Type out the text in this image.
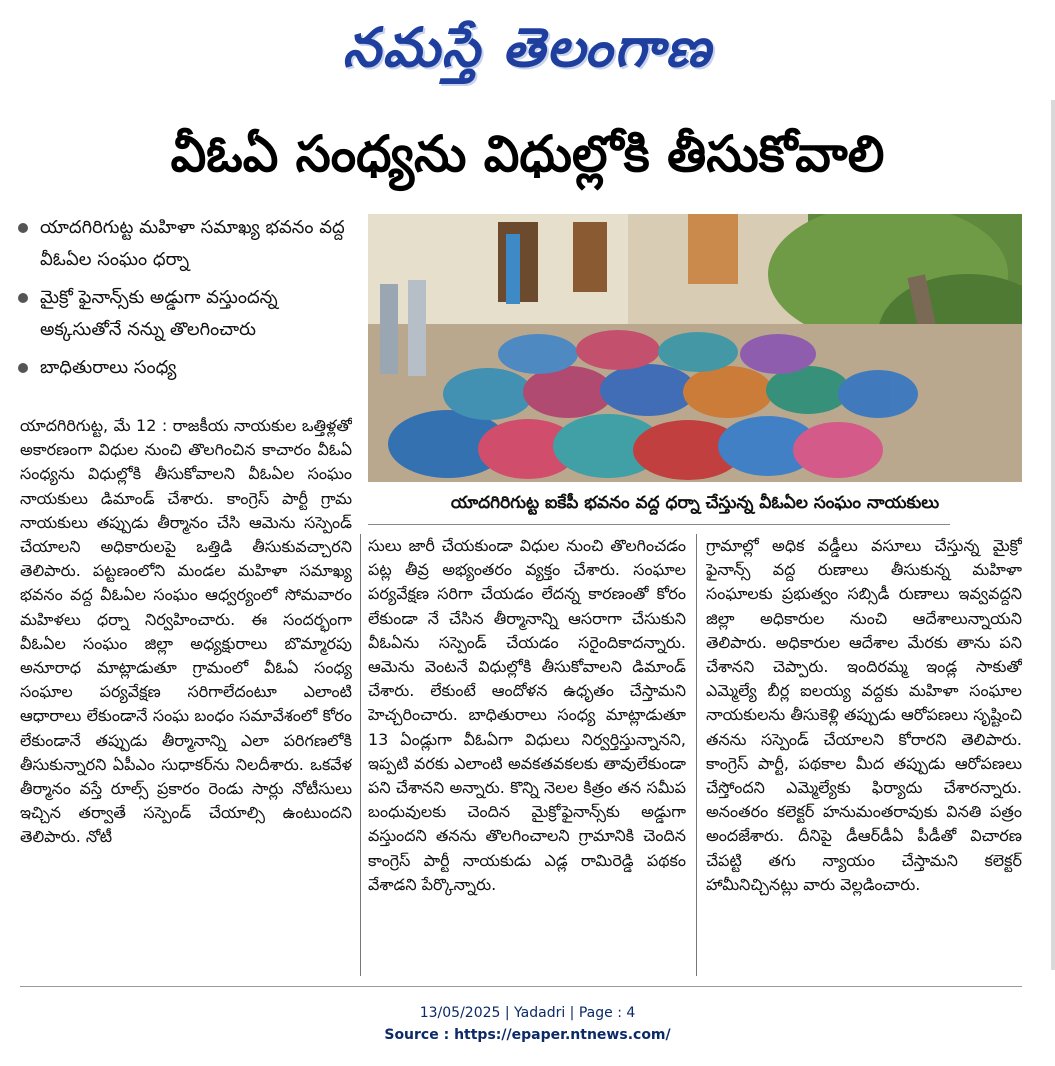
నమస్తే తెలంగాణ
వీఓఏ సంధ్యను విధుల్లోకి తీసుకోవాలి
యాదగిరిగుట్ట మహిళా సమాఖ్య భవనం వద్ద వీఓఏల సంఘం ధర్నా
మైక్రో ఫైనాన్స్‌కు అడ్డుగా వస్తుందన్న అక్కసుతోనే నన్ను తొలగించారు
బాధితురాలు సంధ్య
యాదగిరిగుట్ట ఐకేపీ భవనం వద్ద ధర్నా చేస్తున్న వీఓఏల సంఘం నాయకులు
యాదగిరిగుట్ట, మే 12 : రాజకీయ నాయకుల ఒత్తిళ్లతో అకారణంగా విధుల నుంచి తొలగించిన కాచారం వీఓఏ సంధ్యను విధుల్లోకి తీసుకోవాలని వీఓఏల సంఘం నాయకులు డిమాండ్ చేశారు. కాంగ్రెస్ పార్టీ గ్రామ నాయకులు తప్పుడు తీర్మానం చేసి ఆమెను సస్పెండ్ చేయాలని అధికారులపై ఒత్తిడి తీసుకువచ్చారని తెలిపారు. పట్టణంలోని మండల మహిళా సమాఖ్య భవనం వద్ద వీఓఏల సంఘం ఆధ్వర్యంలో సోమవారం మహిళలు ధర్నా నిర్వహించారు. ఈ సందర్భంగా వీఓఏల సంఘం జిల్లా అధ్యక్షురాలు బొమ్మారపు అనూరాధ మాట్లాడుతూ గ్రామంలో వీఓఏ సంధ్య సంఘాల పర్యవేక్షణ సరిగాలేదంటూ ఎలాంటి ఆధారాలు లేకుండానే సంఘ బంధం సమావేశంలో కోరం లేకుండానే తప్పుడు తీర్మానాన్ని ఎలా పరిగణలోకి తీసుకున్నారని ఏపీఎం సుధాకర్‌ను నిలదీశారు. ఒకవేళ తీర్మానం వస్తే రూల్స్ ప్రకారం రెండు సార్లు నోటీసులు ఇచ్చిన తర్వాతే సస్పెండ్ చేయాల్సి ఉంటుందని తెలిపారు. నోటీ
సులు జారీ చేయకుండా విధుల నుంచి తొలగించడం పట్ల తీవ్ర అభ్యంతరం వ్యక్తం చేశారు. సంఘాల పర్యవేక్షణ సరిగా చేయడం లేదన్న కారణంతో కోరం లేకుండా నే చేసిన తీర్మానాన్ని ఆసరాగా చేసుకుని వీఓఏను సస్పెండ్ చేయడం సరైందికాదన్నారు. ఆమెను వెంటనే విధుల్లోకి తీసుకోవాలని డిమాండ్ చేశారు. లేకుంటే ఆందోళన ఉధృతం చేస్తామని హెచ్చరించారు. బాధితురాలు సంధ్య మాట్లాడుతూ 13 ఏండ్లుగా వీఓఏగా విధులు నిర్వర్తిస్తున్నానని, ఇప్పటి వరకు ఎలాంటి అవకతవకలకు తావులేకుండా పని చేశానని అన్నారు. కొన్ని నెలల కిత్రం తన సమీప బంధువులకు చెందిన మైక్రోఫైనాన్స్‌కు అడ్డుగా వస్తుందని తనను తొలగించాలని గ్రామానికి చెందిన కాంగ్రెస్ పార్టీ నాయకుడు ఎడ్ల రామిరెడ్డి పథకం వేశాడని పేర్కొన్నారు.
గ్రామాల్లో అధిక వడ్డీలు వసూలు చేస్తున్న మైక్రో ఫైనాన్స్ వద్ద రుణాలు తీసుకున్న మహిళా సంఘాలకు ప్రభుత్వం సబ్సిడీ రుణాలు ఇవ్వవద్దని జిల్లా అధికారుల నుంచి ఆదేశాలున్నాయని తెలిపారు. అధికారుల ఆదేశాల మేరకు తాను పని చేశానని చెప్పారు. ఇందిరమ్మ ఇండ్ల సాకుతో ఎమ్మెల్యే బీర్ల ఐలయ్య వద్దకు మహిళా సంఘాల నాయకులను తీసుకెళ్లి తప్పుడు ఆరోపణలు సృష్టించి తనను సస్పెండ్ చేయాలని కోరారని తెలిపారు. కాంగ్రెస్ పార్టీ, పథకాల మీద తప్పుడు ఆరోపణలు చేస్తోందని ఎమ్మెల్యేకు ఫిర్యాదు చేశారన్నారు. అనంతరం కలెక్టర్ హనుమంతరావుకు వినతి పత్రం అందజేశారు. దీనిపై డీఆర్‌డీఏ పీడీతో విచారణ చేపట్టి తగు న్యాయం చేస్తామని కలెక్టర్ హామీనిచ్చినట్లు వారు వెల్లడించారు.
13/05/2025 | Yadadri | Page : 4
Source : https://epaper.ntnews.com/
